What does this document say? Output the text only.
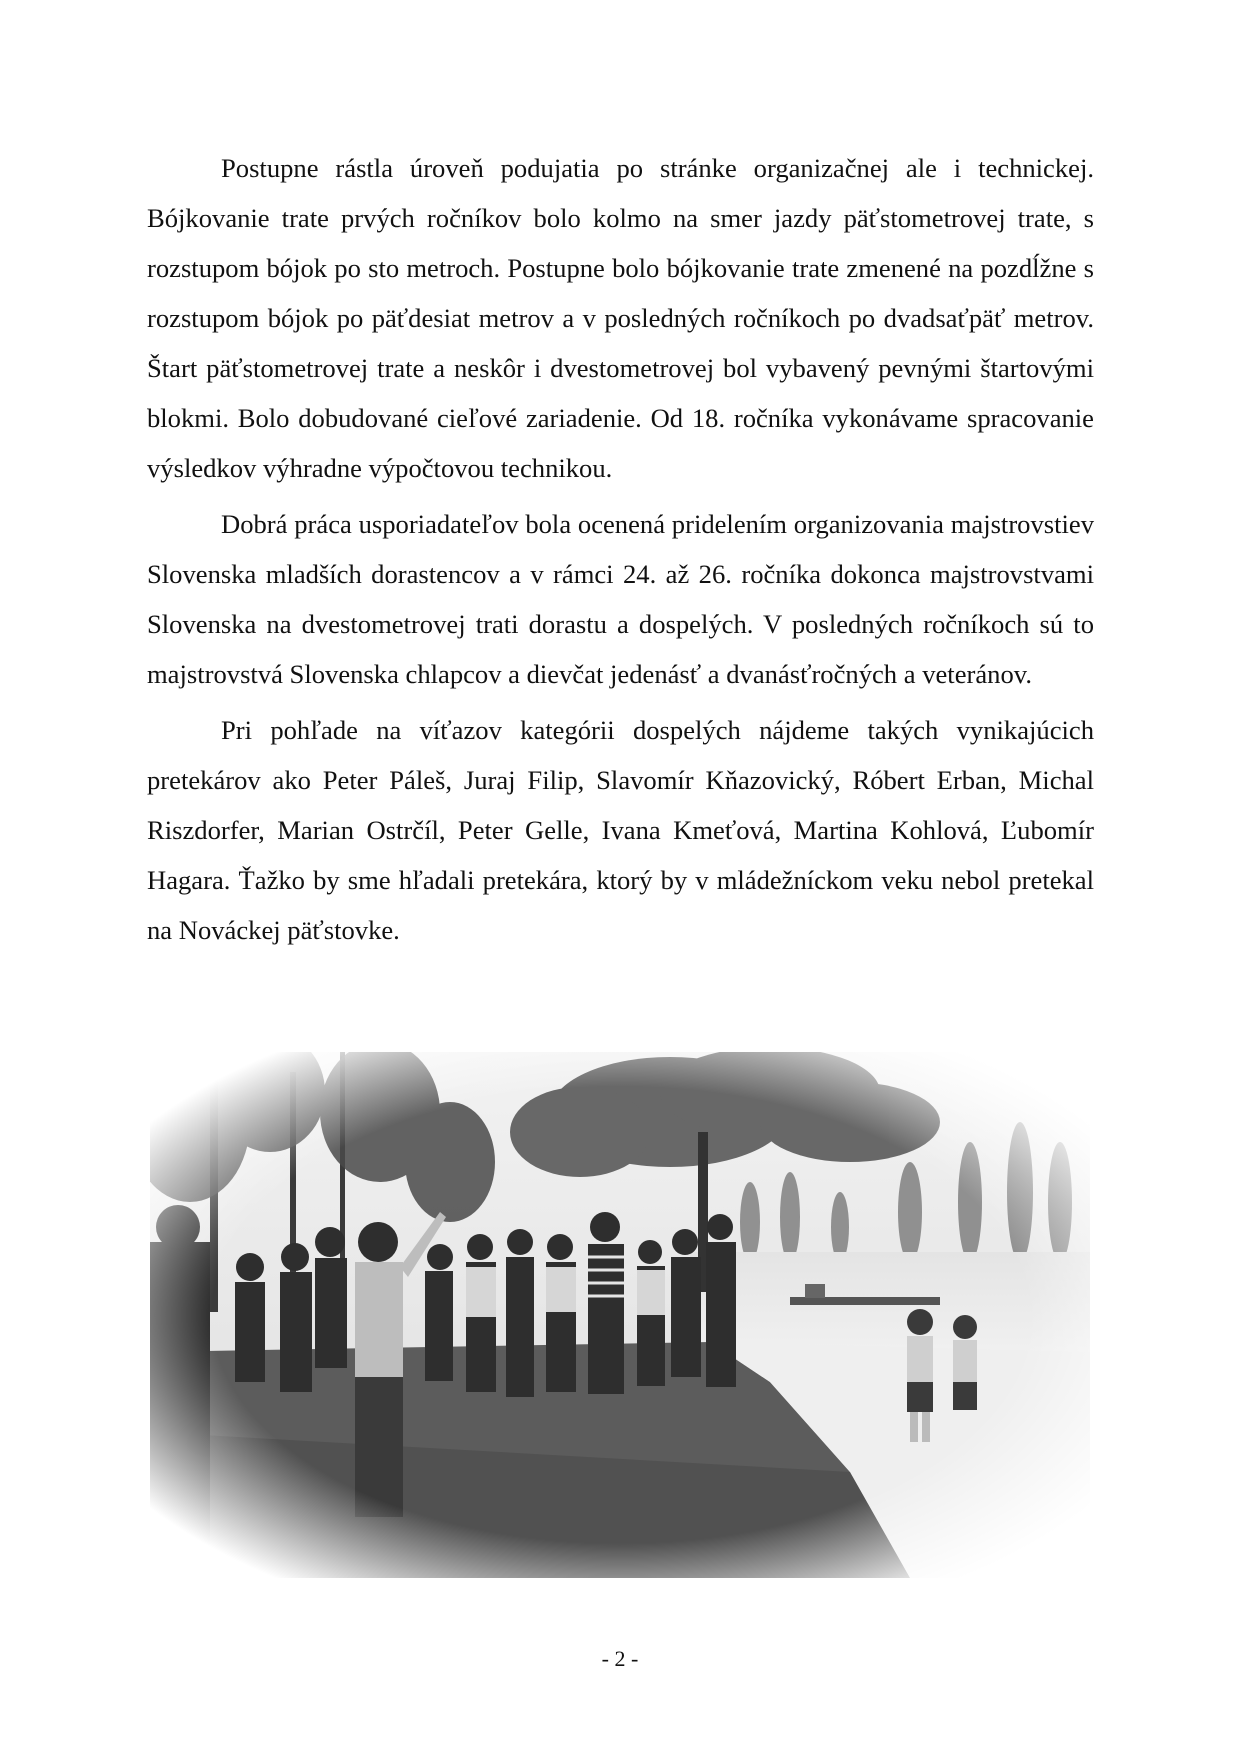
Postupne rástla úroveň podujatia po stránke organizačnej ale i technickej. Bójkovanie trate prvých ročníkov bolo kolmo na smer jazdy päťstometrovej trate, s rozstupom bójok po sto metroch. Postupne bolo bójkovanie trate zmenené na pozdĺžne s rozstupom bójok po päťdesiat metrov a v posledných ročníkoch po dvadsaťpäť metrov. Štart päťstometrovej trate a neskôr i dvestometrovej bol vybavený pevnými štartovými blokmi. Bolo dobudované cieľové zariadenie. Od 18. ročníka vykonávame spracovanie výsledkov výhradne výpočtovou technikou.

Dobrá práca usporiadateľov bola ocenená pridelením organizovania majstrovstiev Slovenska mladších dorastencov a v rámci 24. až 26. ročníka dokonca majstrovstvami Slovenska na dvestometrovej trati dorastu a dospelých. V posledných ročníkoch sú to majstrovstvá Slovenska chlapcov a dievčat jedenásť a dvanásťročných a veteránov.

Pri pohľade na víťazov kategórii dospelých nájdeme takých vynikajúcich pretekárov ako Peter Páleš, Juraj Filip, Slavomír Kňazovický, Róbert Erban, Michal Riszdorfer, Marian Ostrčíl, Peter Gelle, Ivana Kmeťová, Martina Kohlová, Ľubomír Hagara. Ťažko by sme hľadali pretekára, ktorý by v mládežníckom veku nebol pretekal na Nováckej päťstovke.

- 2 -
